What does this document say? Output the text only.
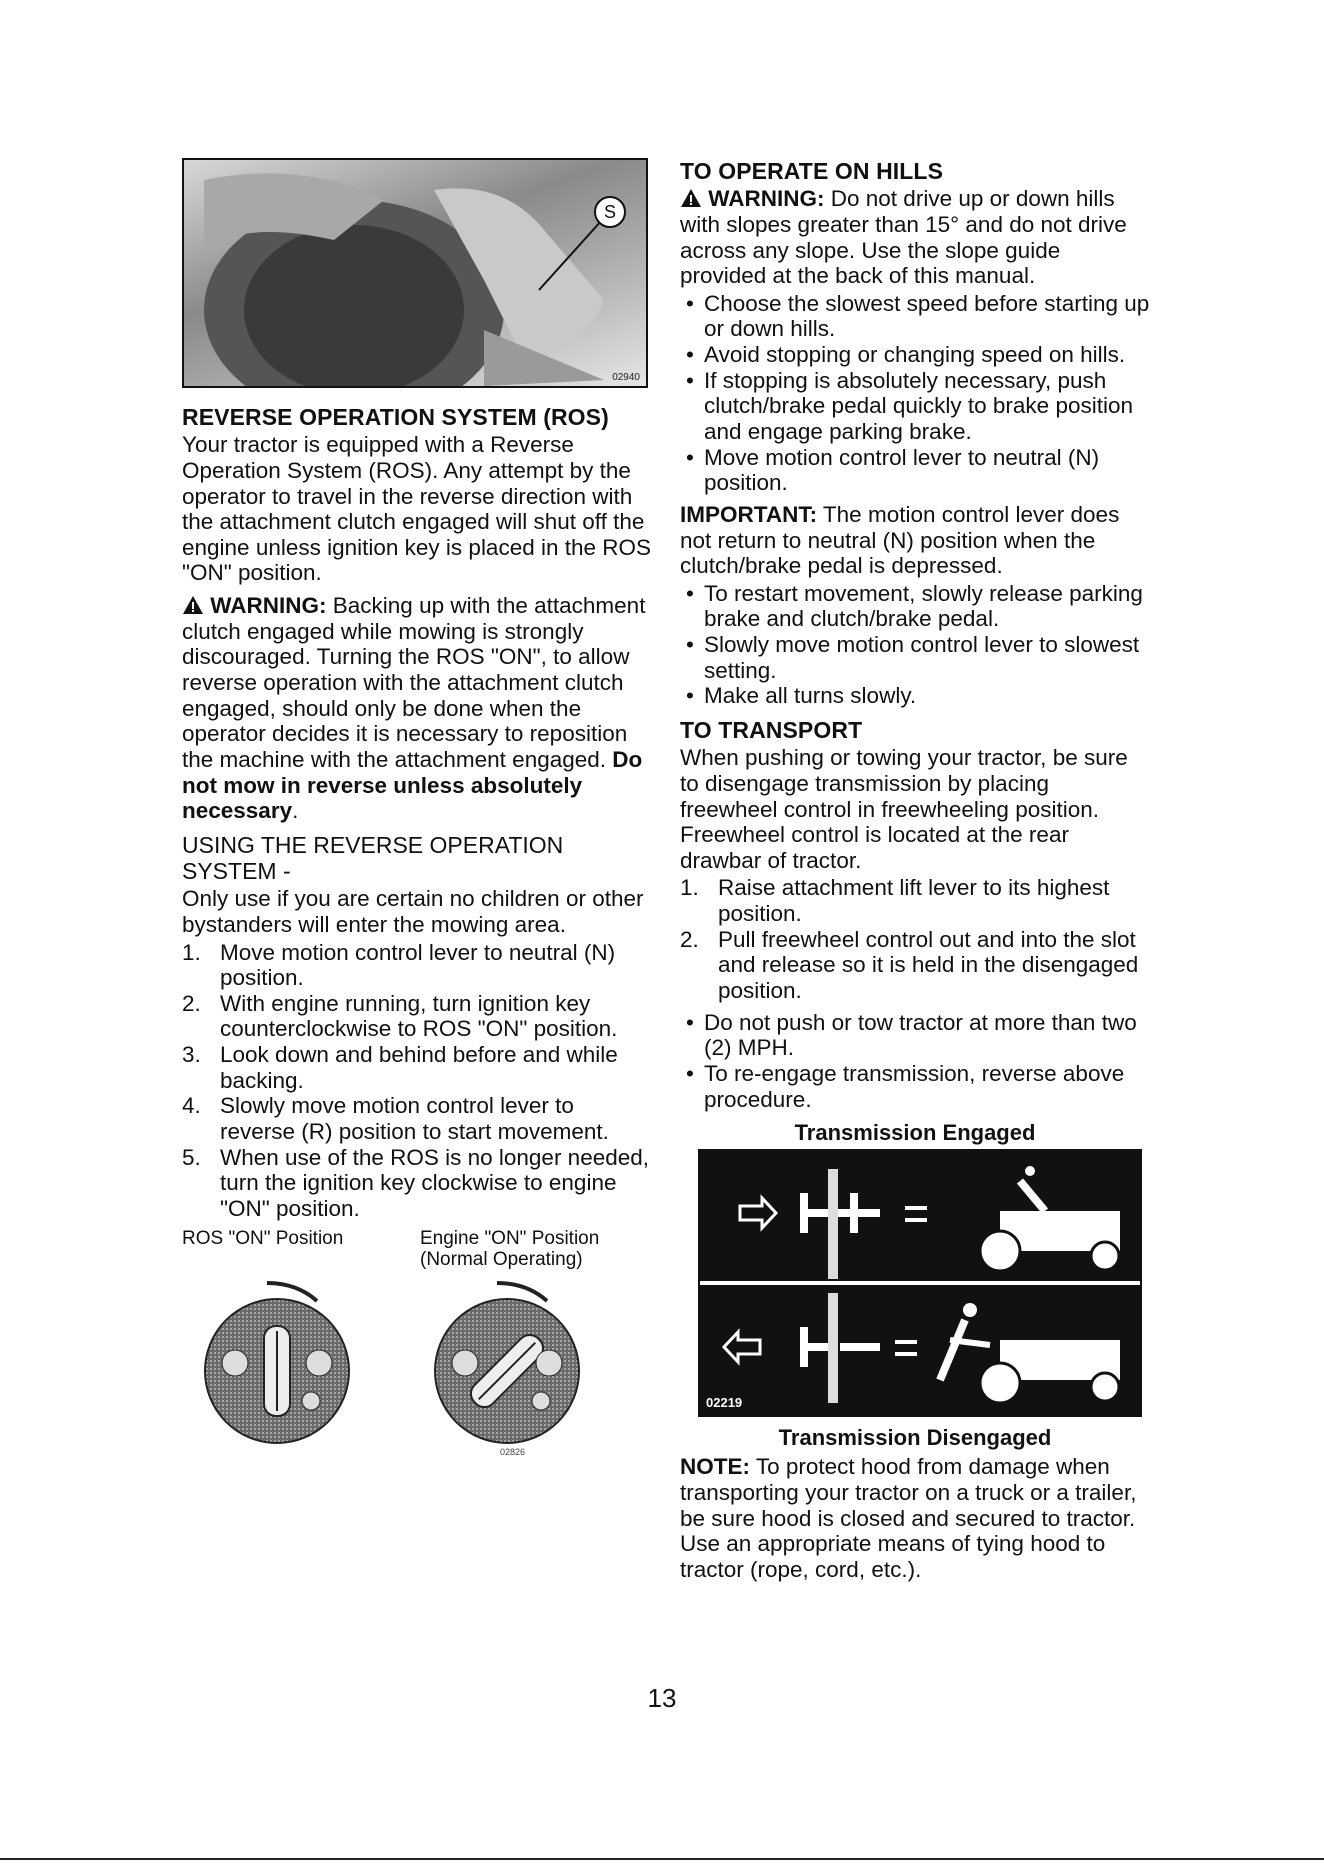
S
02940
REVERSE OPERATION SYSTEM (ROS)

Your tractor is equipped with a Reverse Operation System (ROS). Any attempt by the operator to travel in the reverse direction with the attachment clutch engaged will shut off the engine unless ignition key is placed in the ROS "ON" position.

WARNING: Backing up with the attachment clutch engaged while mowing is strongly discouraged. Turning the ROS "ON", to allow reverse operation with the attachment clutch engaged, should only be done when the operator decides it is necessary to reposition the machine with the attachment engaged. Do not mow in reverse unless absolutely necessary.

USING THE REVERSE OPERATION SYSTEM -

Only use if you are certain no children or other bystanders will enter the mowing area.

1. Move motion control lever to neutral (N) position.
2. With engine running, turn ignition key counterclockwise to ROS "ON" position.
3. Look down and behind before and while backing.
4. Slowly move motion control lever to reverse (R) position to start movement.
5. When use of the ROS is no longer needed, turn the ignition key clockwise to engine "ON" position.
ROS "ON" Position	Engine "ON" Position (Normal Operating)
02826
TO OPERATE ON HILLS

WARNING: Do not drive up or down hills with slopes greater than 15° and do not drive across any slope. Use the slope guide provided at the back of this manual.

• Choose the slowest speed before starting up or down hills.
• Avoid stopping or changing speed on hills.
• If stopping is absolutely necessary, push clutch/brake pedal quickly to brake position and engage parking brake.
• Move motion control lever to neutral (N) position.

IMPORTANT: The motion control lever does not return to neutral (N) position when the clutch/brake pedal is depressed.

• To restart movement, slowly release parking brake and clutch/brake pedal.
• Slowly move motion control lever to slowest setting.
• Make all turns slowly.
TO TRANSPORT

When pushing or towing your tractor, be sure to disengage transmission by placing freewheel control in freewheeling position. Freewheel control is located at the rear drawbar of tractor.

1. Raise attachment lift lever to its highest position.
2. Pull freewheel control out and into the slot and release so it is held in the disengaged position.
• Do not push or tow tractor at more than two (2) MPH.
• To re-engage transmission, reverse above procedure.
Transmission Engaged
02219
Transmission Disengaged

NOTE: To protect hood from damage when transporting your tractor on a truck or a trailer, be sure hood is closed and secured to tractor. Use an appropriate means of tying hood to tractor (rope, cord, etc.).

13
